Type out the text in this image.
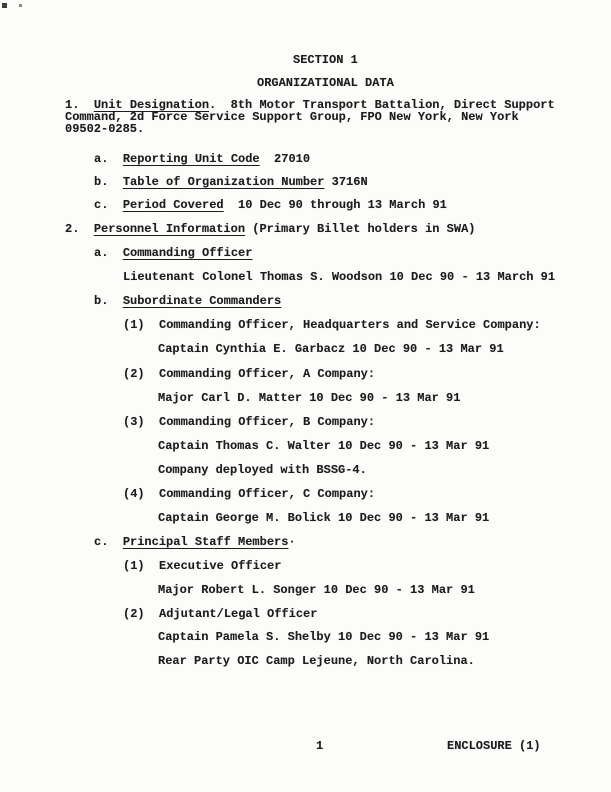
SECTION 1
ORGANIZATIONAL DATA
1.  Unit Designation.  8th Motor Transport Battalion, Direct Support
Command, 2d Force Service Support Group, FPO New York, New York
09502-0285.
a.  Reporting Unit Code  27010
b.  Table of Organization Number 3716N
c.  Period Covered  10 Dec 90 through 13 March 91
2.  Personnel Information (Primary Billet holders in SWA)
a.  Commanding Officer
Lieutenant Colonel Thomas S. Woodson 10 Dec 90 - 13 March 91
b.  Subordinate Commanders
(1)  Commanding Officer, Headquarters and Service Company:
Captain Cynthia E. Garbacz 10 Dec 90 - 13 Mar 91
(2)  Commanding Officer, A Company:
Major Carl D. Matter 10 Dec 90 - 13 Mar 91
(3)  Commanding Officer, B Company:
Captain Thomas C. Walter 10 Dec 90 - 13 Mar 91
Company deployed with BSSG-4.
(4)  Commanding Officer, C Company:
Captain George M. Bolick 10 Dec 90 - 13 Mar 91
c.  Principal Staff Members·
(1)  Executive Officer
Major Robert L. Songer 10 Dec 90 - 13 Mar 91
(2)  Adjutant/Legal Officer
Captain Pamela S. Shelby 10 Dec 90 - 13 Mar 91
Rear Party OIC Camp Lejeune, North Carolina.
1	ENCLOSURE (1)
